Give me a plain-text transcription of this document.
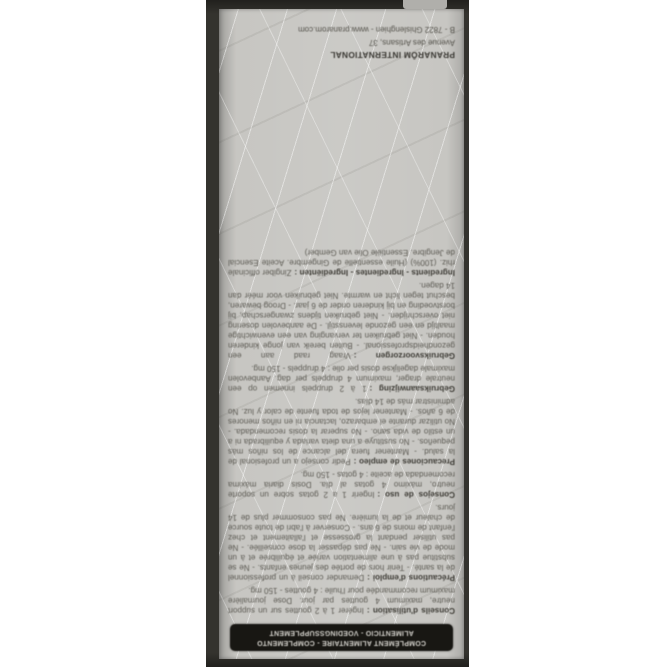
COMPLÉMENT ALIMENTAIRE - COMPLEMENTO ALIMENTICIO - VOEDINGSSUPPLEMENT

Conseils d'utilisation :Ingérer 1 à 2 gouttes sur un support neutre, maximum 4 gouttes par jour. Dose journalière maximum recommandée pour l'huile : 4 gouttes - 150 mg.

Précautions d'emploi :Demander conseil à un professionnel de la santé. - Tenir hors de portée des jeunes enfants. - Ne se substitue pas à une alimentation variée et équilibrée et à un mode de vie sain. - Ne pas dépasser la dose conseillée. - Ne pas utiliser pendant la grossesse et l'allaitement et chez l'enfant de moins de 6 ans. - Conserver à l'abri de toute source de chaleur et de la lumière. Ne pas consommer plus de 14 jours.

Consejos de uso :Ingerir 1 a 2 gotas sobre un soporte neutro, máximo 4 gotas al día. Dosis diaria máxima recomendada de aceite : 4 gotas - 150 mg.

Precauciones de empleo :Pedir consejo a un profesional de la salud. - Mantener fuera del alcance de los niños más pequeños. - No sustituye a una dieta variada y equilibrada ni a un estilo de vida sano. - No superar la dosis recomendada. - No utilizar durante el embarazo, lactancia ni en niños menores de 6 años. - Mantener lejos de toda fuente de calor y luz. No administrar más de 14 días.

Gebruiksaanwijzing :1 à 2 druppels innemen op een neutrale drager, maximum 4 druppels per dag. Aanbevolen maximale dagelijkse dosis per olie : 4 druppels - 150 mg.

Gebruiksvoorzorgen :Vraag raad aan een gezondheidsprofessional. - Buiten bereik van jonge kinderen houden. - Niet gebruiken ter vervanging van een evenwichtige maaltijd en een gezonde levensstijl. - De aanbevolen dosering niet overschrijden. - Niet gebruiken tijdens zwangerschap, bij borstvoeding en bij kinderen onder de 6 jaar. - Droog bewaren, beschut tegen licht en warmte. Niet gebruiken voor méér dan 14 dagen.

Ingredients - Ingredientes - Ingrediënten :Zingiber officinale rhiz. (100%) (Huile essentielle de Gingembre. Aceite Esencial de Jengibre. Essentiële Olie van Gember)

PRANARÔM INTERNATIONAL
Avenue des Artisans, 37
B - 7822 Ghislenghien - www.pranarom.com
